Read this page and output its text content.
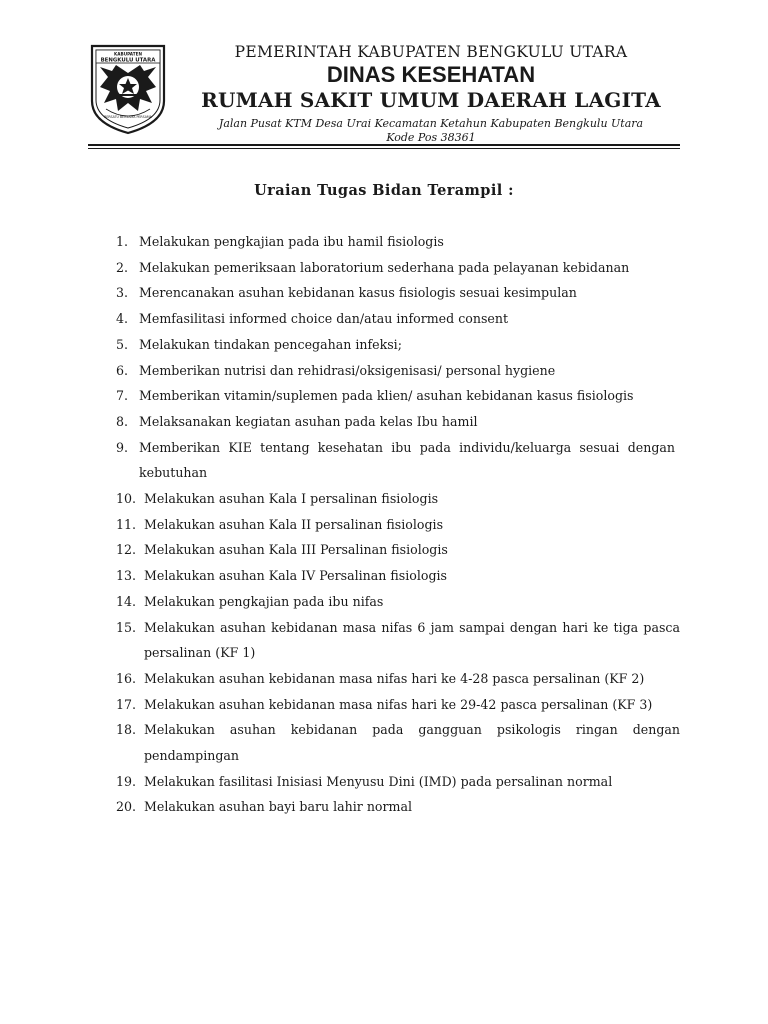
KABUPATEN
BENGKULU UTARA
BERSATU BERSAMA PERSAMA
PEMERINTAH KABUPATEN BENGKULU UTARA
DINAS KESEHATAN
RUMAH SAKIT UMUM DAERAH LAGITA
Jalan Pusat KTM Desa Urai Kecamatan Ketahun Kabupaten Bengkulu Utara
Kode Pos 38361
Uraian Tugas Bidan Terampil :
1. Melakukan pengkajian pada ibu hamil fisiologis
2. Melakukan pemeriksaan laboratorium sederhana pada pelayanan kebidanan
3. Merencanakan asuhan kebidanan kasus fisiologis sesuai kesimpulan
4. Memfasilitasi informed choice dan/atau informed consent
5. Melakukan tindakan pencegahan infeksi;
6. Memberikan nutrisi dan rehidrasi/oksigenisasi/ personal hygiene
7. Memberikan vitamin/suplemen pada klien/ asuhan kebidanan kasus fisiologis
8. Melaksanakan kegiatan asuhan pada kelas Ibu hamil
9. Memberikan KIE tentang kesehatan ibu pada individu/keluarga sesuai dengan kebutuhan
10. Melakukan asuhan Kala I persalinan fisiologis
11. Melakukan asuhan Kala II persalinan fisiologis
12. Melakukan asuhan Kala III Persalinan fisiologis
13. Melakukan asuhan Kala IV Persalinan fisiologis
14. Melakukan pengkajian pada ibu nifas
15. Melakukan asuhan kebidanan masa nifas 6 jam sampai dengan hari ke tiga pasca persalinan (KF 1)
16. Melakukan asuhan kebidanan masa nifas hari ke 4-28 pasca persalinan (KF 2)
17. Melakukan asuhan kebidanan masa nifas hari ke 29-42 pasca persalinan (KF 3)
18. Melakukan asuhan kebidanan pada gangguan psikologis ringan dengan pendampingan
19. Melakukan fasilitasi Inisiasi Menyusu Dini (IMD) pada persalinan normal
20. Melakukan asuhan bayi baru lahir normal
